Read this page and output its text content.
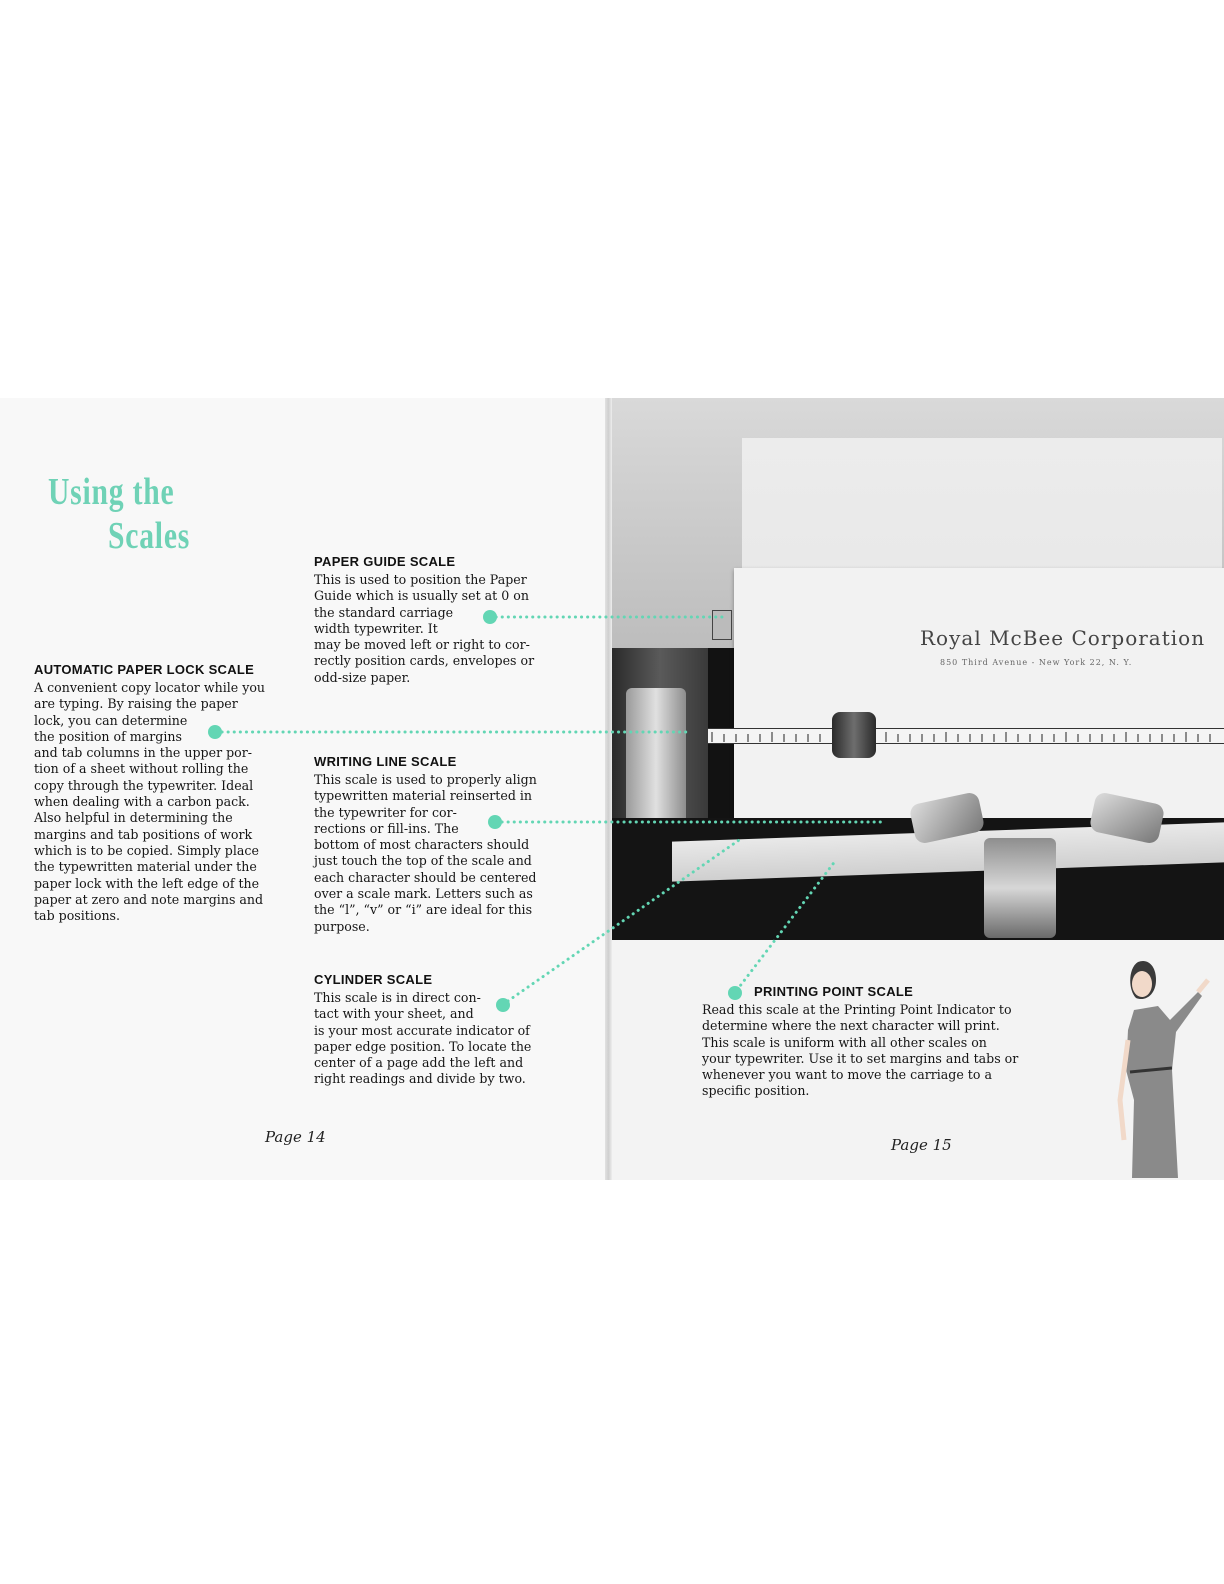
Using the
Scales
PAPER GUIDE SCALE
This is used to position the Paper
Guide which is usually set at 0 on
the standard carriage
width typewriter. It
may be moved left or right to cor-
rectly position cards, envelopes or
odd-size paper.
AUTOMATIC PAPER LOCK SCALE
A convenient copy locator while you
are typing. By raising the paper
lock, you can determine
the position of margins
and tab columns in the upper por-
tion of a sheet without rolling the
copy through the typewriter. Ideal
when dealing with a carbon pack.
Also helpful in determining the
margins and tab positions of work
which is to be copied. Simply place
the typewritten material under the
paper lock with the left edge of the
paper at zero and note margins and
tab positions.
WRITING LINE SCALE
This scale is used to properly align
typewritten material reinserted in
the typewriter for cor-
rections or fill-ins. The
bottom of most characters should
just touch the top of the scale and
each character should be centered
over a scale mark. Letters such as
the “l”, “v” or “i” are ideal for this
purpose.
CYLINDER SCALE
This scale is in direct con-
tact with your sheet, and
is your most accurate indicator of
paper edge position. To locate the
center of a page add the left and
right readings and divide by two.
Page 14
Royal McBee Corporation
850 Third Avenue - New York 22, N. Y.
PRINTING POINT SCALE
Read this scale at the Printing Point Indicator to
determine where the next character will print.
This scale is uniform with all other scales on
your typewriter. Use it to set margins and tabs or
whenever you want to move the carriage to a
specific position.
Page 15
